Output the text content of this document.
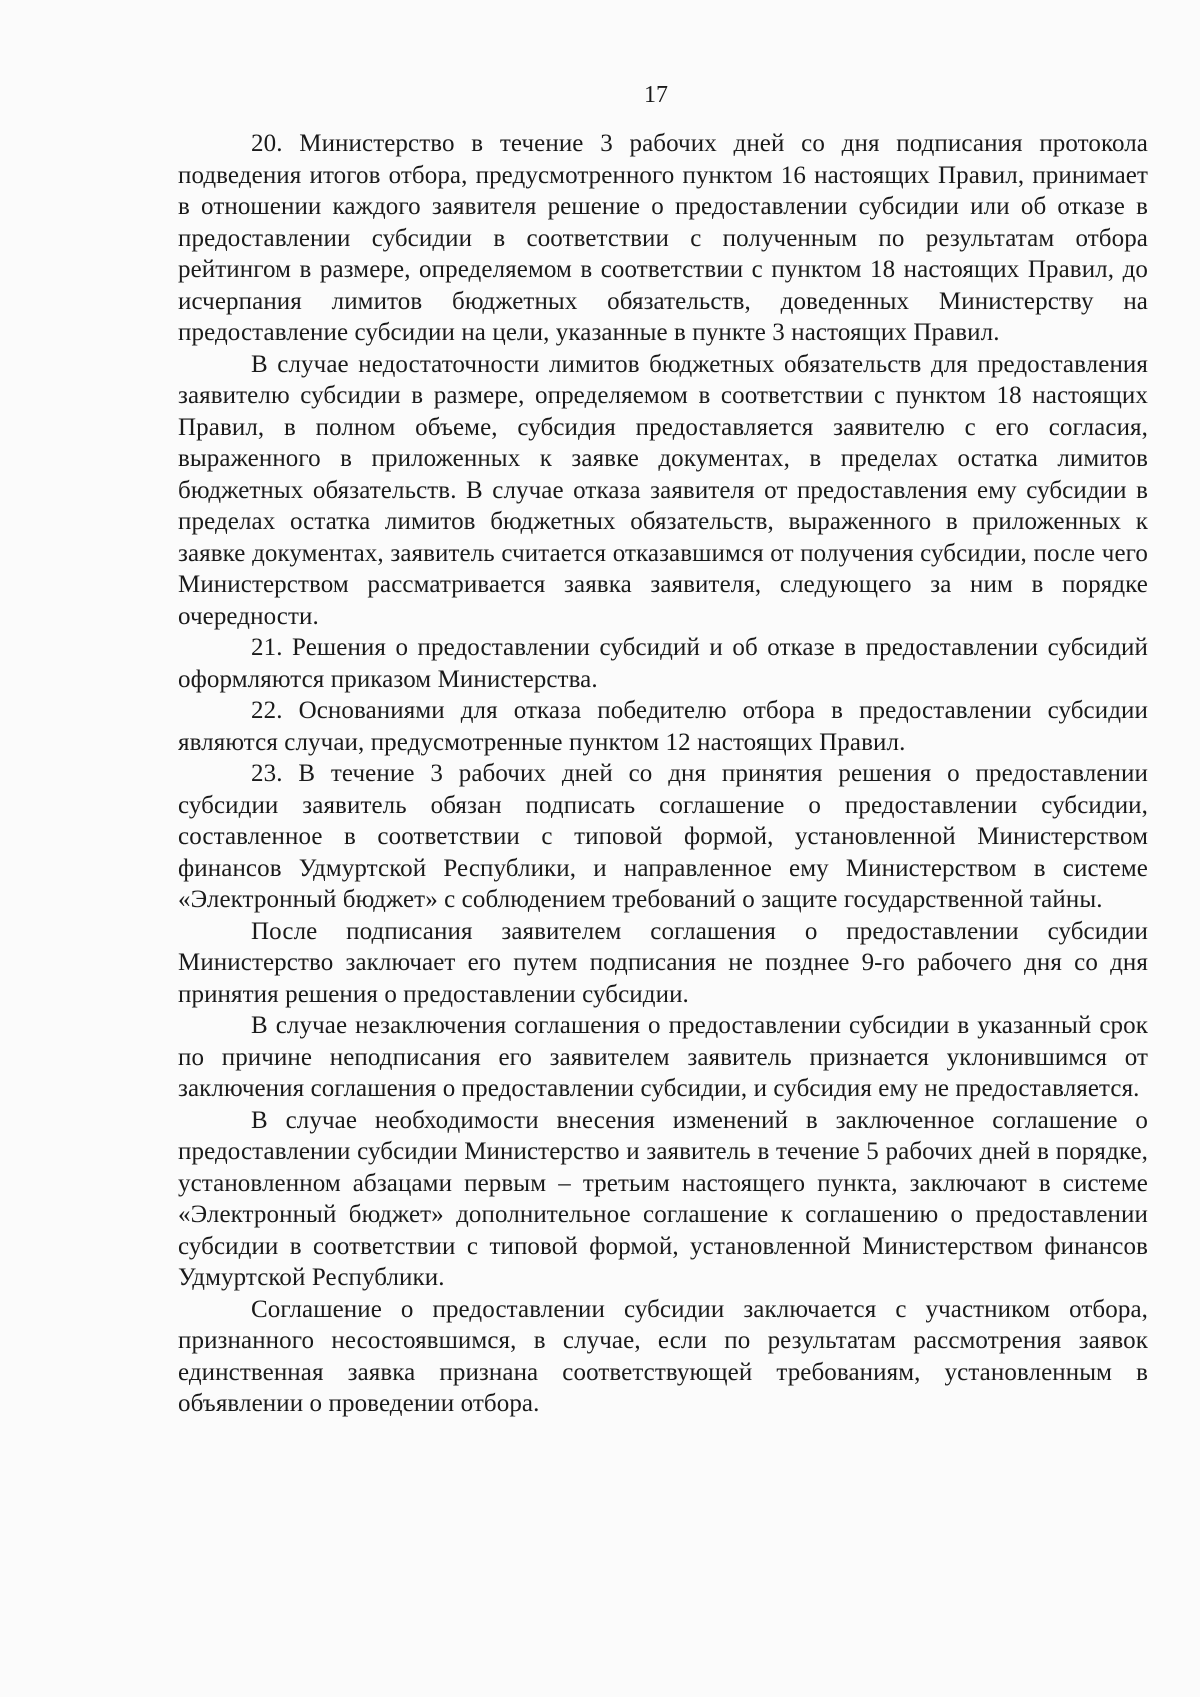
17

20. Министерство в течение 3 рабочих дней со дня подписания протокола подведения итогов отбора, предусмотренного пунктом 16 настоящих Правил, принимает в отношении каждого заявителя решение о предоставлении субсидии или об отказе в предоставлении субсидии в соответствии с полученным по результатам отбора рейтингом в размере, определяемом в соответствии с пунктом 18 настоящих Правил, до исчерпания лимитов бюджетных обязательств, доведенных Министерству на предоставление субсидии на цели, указанные в пункте 3 настоящих Правил.

В случае недостаточности лимитов бюджетных обязательств для предоставления заявителю субсидии в размере, определяемом в соответствии с пунктом 18 настоящих Правил, в полном объеме, субсидия предоставляется заявителю с его согласия, выраженного в приложенных к заявке документах, в пределах остатка лимитов бюджетных обязательств. В случае отказа заявителя от предоставления ему субсидии в пределах остатка лимитов бюджетных обязательств, выраженного в приложенных к заявке документах, заявитель считается отказавшимся от получения субсидии, после чего Министерством рассматривается заявка заявителя, следующего за ним в порядке очередности.

21. Решения о предоставлении субсидий и об отказе в предоставлении субсидий оформляются приказом Министерства.

22. Основаниями для отказа победителю отбора в предоставлении субсидии являются случаи, предусмотренные пунктом 12 настоящих Правил.

23. В течение 3 рабочих дней со дня принятия решения о предоставлении субсидии заявитель обязан подписать соглашение о предоставлении субсидии, составленное в соответствии с типовой формой, установленной Министерством финансов Удмуртской Республики, и направленное ему Министерством в системе «Электронный бюджет» с соблюдением требований о защите государственной тайны.

После подписания заявителем соглашения о предоставлении субсидии Министерство заключает его путем подписания не позднее 9-го рабочего дня со дня принятия решения о предоставлении субсидии.

В случае незаключения соглашения о предоставлении субсидии в указанный срок по причине неподписания его заявителем заявитель признается уклонившимся от заключения соглашения о предоставлении субсидии, и субсидия ему не предоставляется.

В случае необходимости внесения изменений в заключенное соглашение о предоставлении субсидии Министерство и заявитель в течение 5 рабочих дней в порядке, установленном абзацами первым – третьим настоящего пункта, заключают в системе «Электронный бюджет» дополнительное соглашение к соглашению о предоставлении субсидии в соответствии с типовой формой, установленной Министерством финансов Удмуртской Республики.

Соглашение о предоставлении субсидии заключается с участником отбора, признанного несостоявшимся, в случае, если по результатам рассмотрения заявок единственная заявка признана соответствующей требованиям, установленным в объявлении о проведении отбора.
